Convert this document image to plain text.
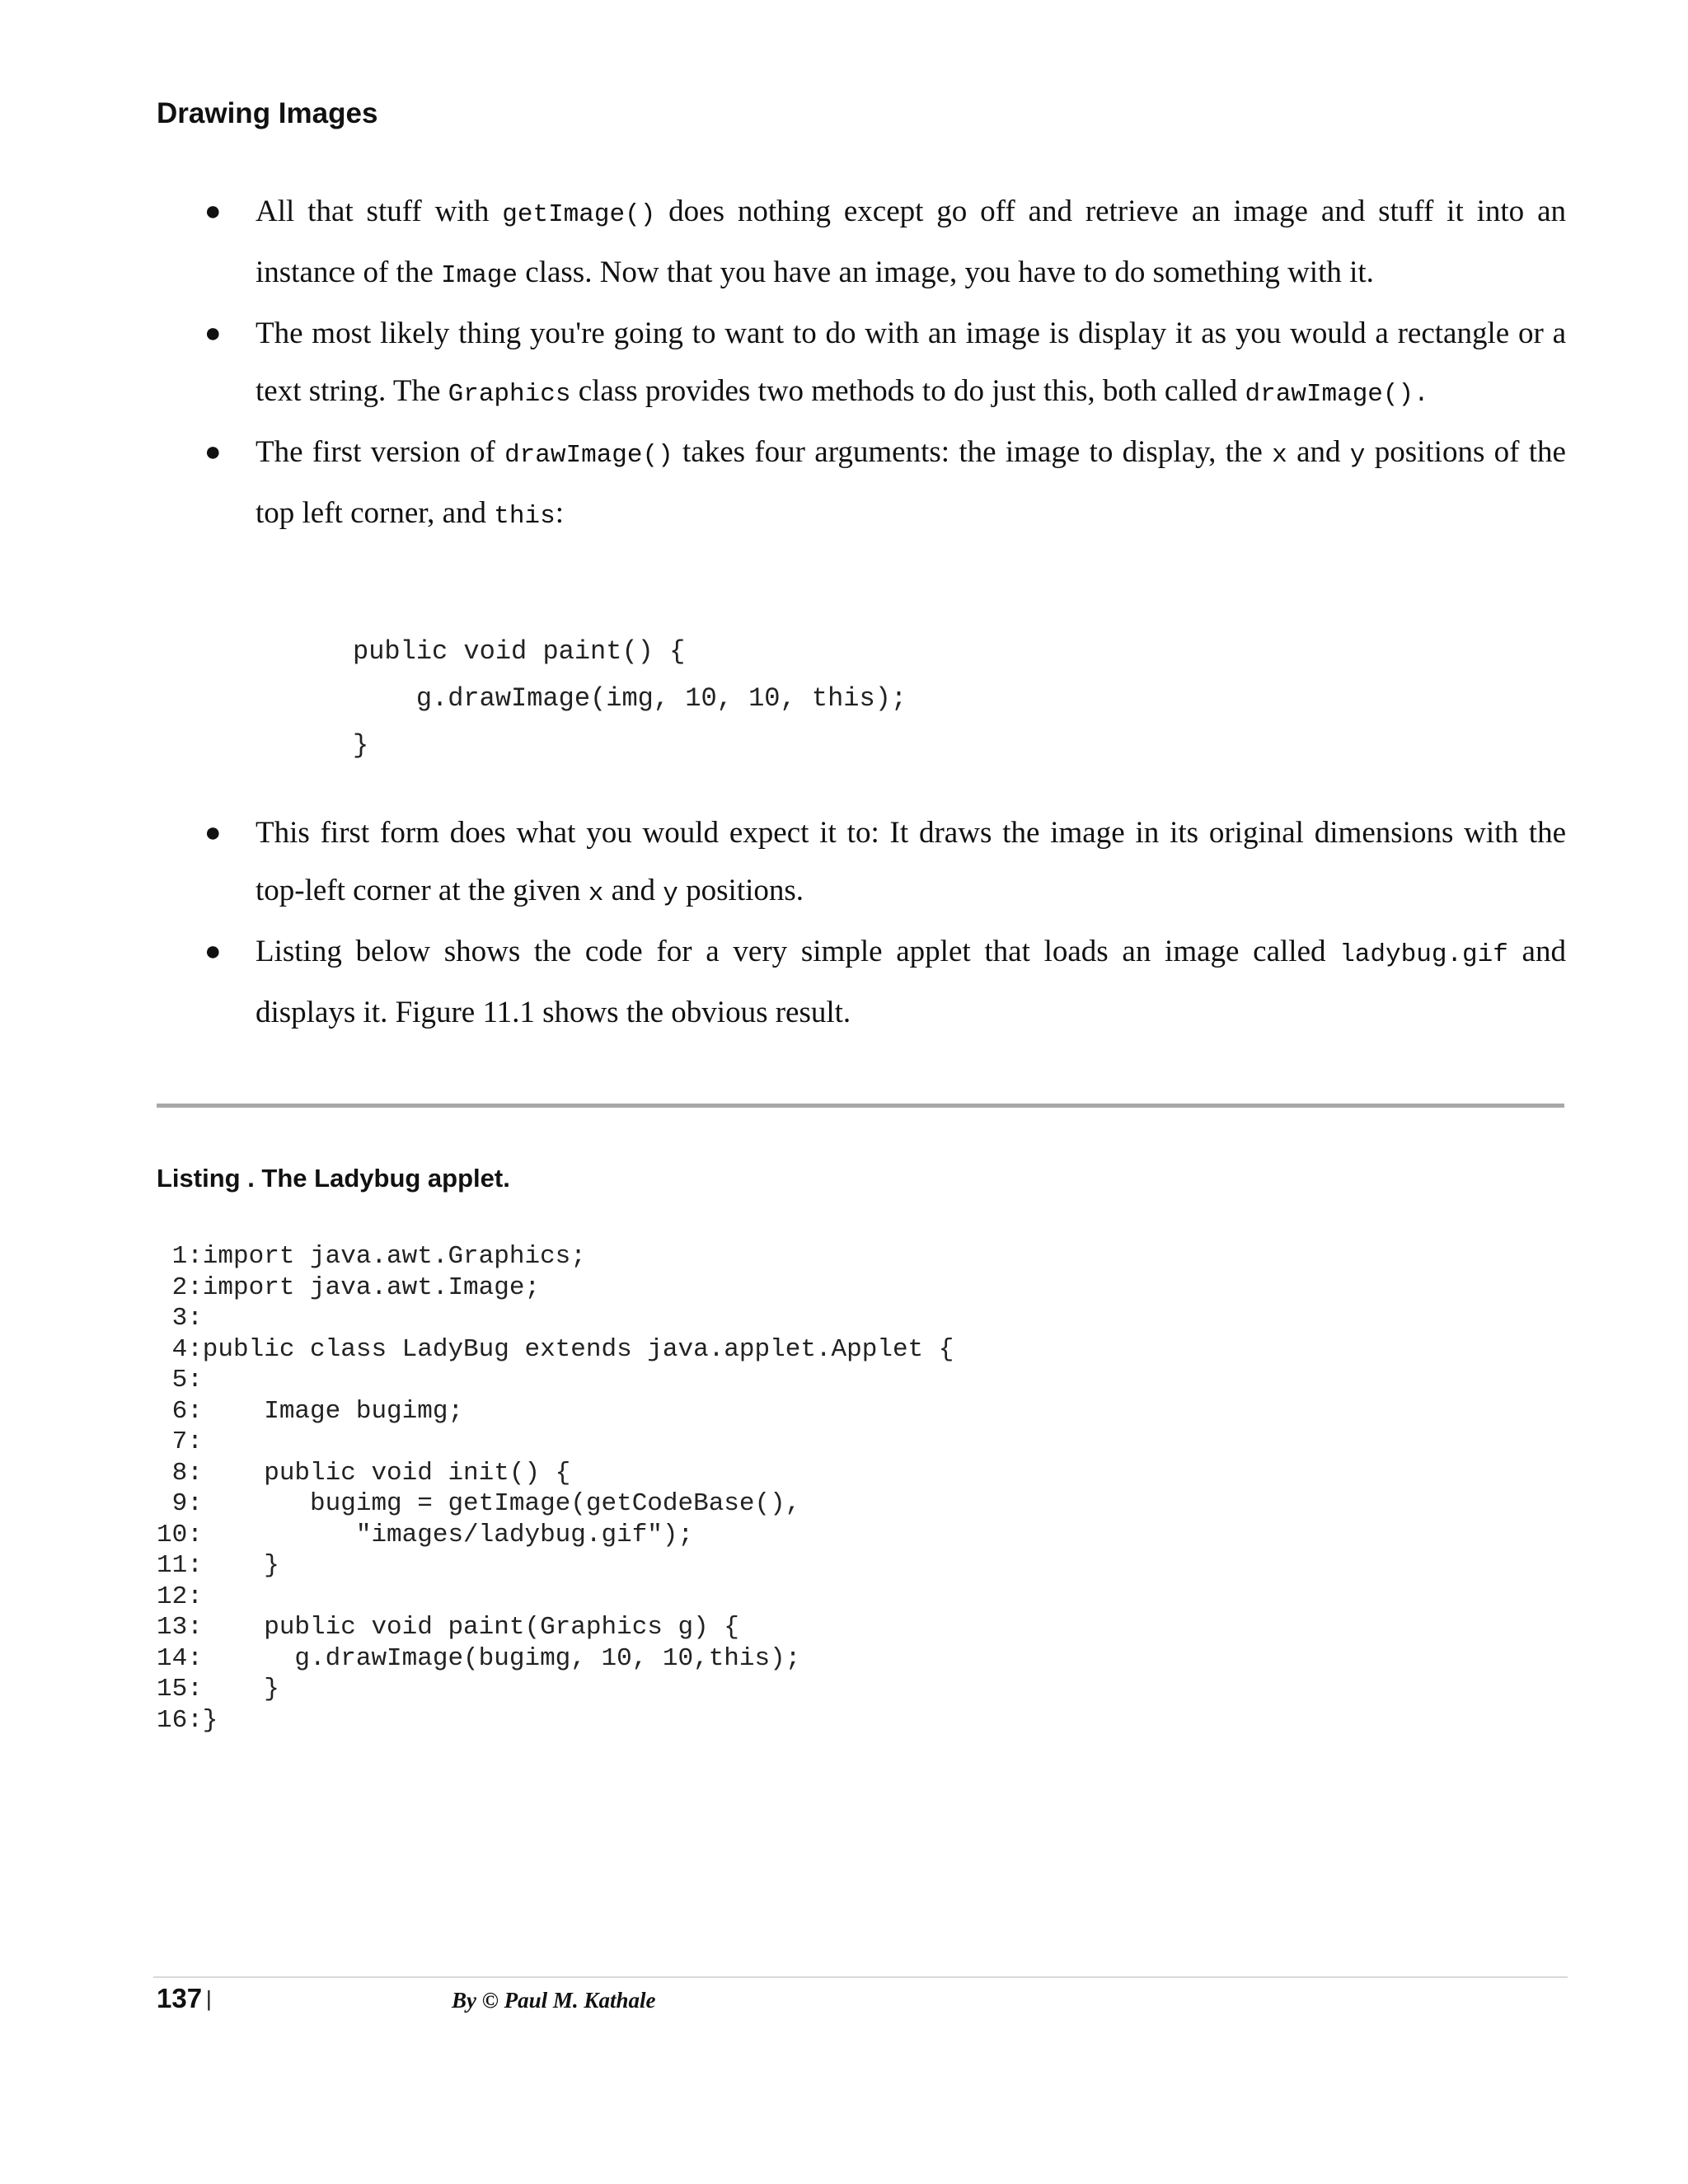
Drawing Images
● All that stuff with getImage() does nothing except go off and retrieve an image and stuff it into an instance of the Image class. Now that you have an image, you have to do something with it.
● The most likely thing you're going to want to do with an image is display it as you would a rectangle or a text string. The Graphics class provides two methods to do just this, both called drawImage().
● The first version of drawImage() takes four arguments: the image to display, the x and y positions of the top left corner, and this:
public void paint() {
g.drawImage(img, 10, 10, this);
}
● This first form does what you would expect it to: It draws the image in its original dimensions with the top-left corner at the given x and y positions.
● Listing below shows the code for a very simple applet that loads an image called ladybug.gif and displays it. Figure 11.1 shows the obvious result.
Listing . The Ladybug applet.
1:import java.awt.Graphics;
2:import java.awt.Image;
3:
4:public class LadyBug extends java.applet.Applet {
5:
6:    Image bugimg;
7:
8:    public void init() {
9:       bugimg = getImage(getCodeBase(),
10:          "images/ladybug.gif");
11:    }
12:
13:    public void paint(Graphics g) {
14:      g.drawImage(bugimg, 10, 10,this);
15:    }
16:}
137 |	By © Paul M. Kathale
